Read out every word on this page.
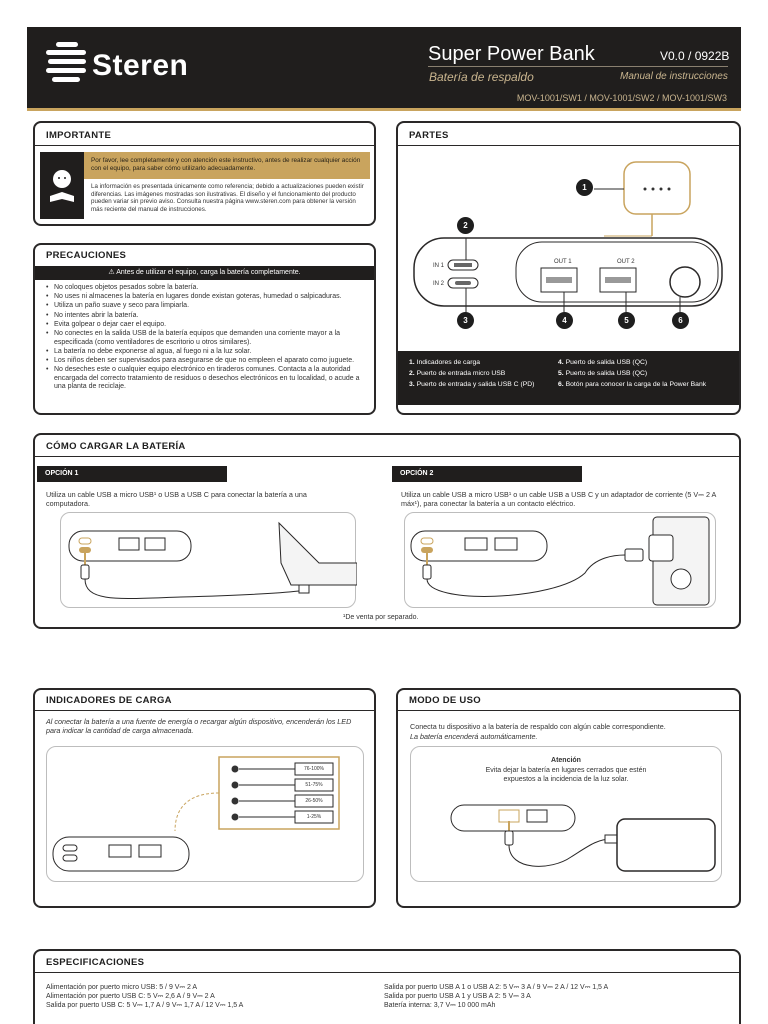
Steren	Super Power Bank	V0.0 / 0922B
Batería de respaldo	Manual de instrucciones
MOV-1001/SW1 / MOV-1001/SW2 / MOV-1001/SW3
IMPORTANTE
Por favor, lee completamente y con atención este instructivo, antes de realizar cualquier acción con el equipo, para saber cómo utilizarlo adecuadamente.
La información es presentada únicamente como referencia; debido a actualizaciones pueden existir diferencias. Las imágenes mostradas son ilustrativas. El diseño y el funcionamiento del producto pueden variar sin previo aviso. Consulta nuestra página www.steren.com para obtener la versión más reciente del manual de instrucciones.
PRECAUCIONES
⚠ Antes de utilizar el equipo, carga la batería completamente.
• No coloques objetos pesados sobre la batería.
• No uses ni almacenes la batería en lugares donde existan goteras, humedad o salpicaduras.
• Utiliza un paño suave y seco para limpiarla.
• No intentes abrir la batería.
• Evita golpear o dejar caer el equipo.
• No conectes en la salida USB de la batería equipos que demanden una corriente mayor a la especificada (como ventiladores de escritorio u otros similares).
• La batería no debe exponerse al agua, al fuego ni a la luz solar.
• Los niños deben ser supervisados para asegurarse de que no empleen el aparato como juguete.
• No deseches este o cualquier equipo electrónico en tiraderos comunes. Contacta a la autoridad encargada del correcto tratamiento de residuos o desechos electrónicos en tu localidad, o acude a una planta de reciclaje.
PARTES
IN 1
IN 2
OUT 1	OUT 2
1
2
3	4	5	6
1. Indicadores de carga
2. Puerto de entrada micro USB
3. Puerto de entrada y salida USB C (PD)
4. Puerto de salida USB (QC)
5. Puerto de salida USB (QC)
6. Botón para conocer la carga de la Power Bank
CÓMO CARGAR LA BATERÍA
OPCIÓN 1
Utiliza un cable USB a micro USB¹ o USB a USB C para conectar la batería a una computadora.
OPCIÓN 2
Utiliza un cable USB a micro USB¹ o un cable USB a USB C y un adaptador de corriente (5 V⎓ 2 A máx¹), para conectar la batería a un contacto eléctrico.
¹De venta por separado.
INDICADORES DE CARGA
Al conectar la batería a una fuente de energía o recargar algún dispositivo, encenderán los LED para indicar la cantidad de carga almacenada.
76-100%
51-75%
26-50%
1-25%
MODO DE USO
Conecta tu dispositivo a la batería de respaldo con algún cable correspondiente.
La batería encenderá automáticamente.
Atención
Evita dejar la batería en lugares cerrados que estén expuestos a la incidencia de la luz solar.
ESPECIFICACIONES
Alimentación por puerto micro USB: 5 / 9 V⎓ 2 A
Alimentación por puerto USB C: 5 V⎓ 2,6 A / 9 V⎓ 2 A
Salida por puerto USB C: 5 V⎓ 1,7 A / 9 V⎓ 1,7 A / 12 V⎓ 1,5 A
Salida por puerto USB A 1 o USB A 2: 5 V⎓ 3 A / 9 V⎓ 2 A / 12 V⎓ 1,5 A
Salida por puerto USB A 1 y USB A 2: 5 V⎓ 3 A
Batería interna: 3,7 V⎓ 10 000 mAh
